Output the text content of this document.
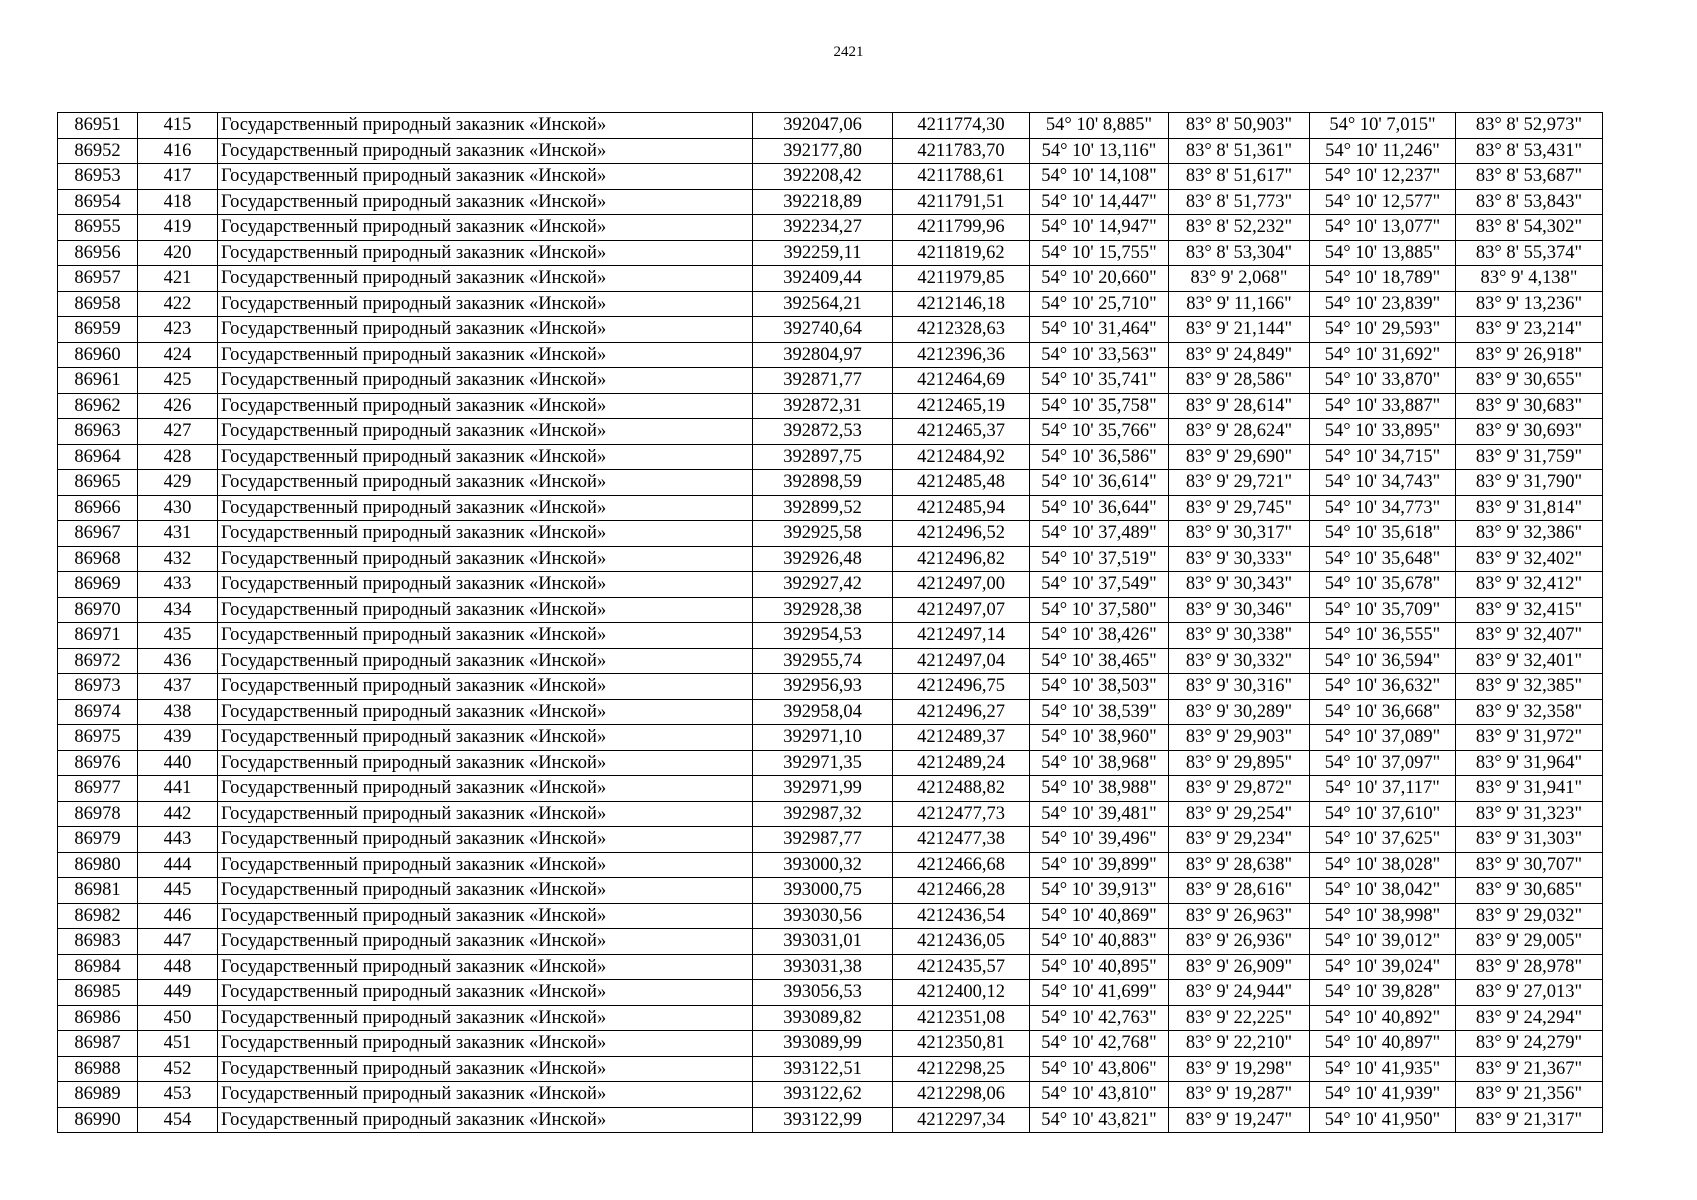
2421
86951	415	Государственный природный заказник «Инской»	392047,06	4211774,30	54° 10' 8,885"	83° 8' 50,903"	54° 10' 7,015"	83° 8' 52,973"
86952	416	Государственный природный заказник «Инской»	392177,80	4211783,70	54° 10' 13,116"	83° 8' 51,361"	54° 10' 11,246"	83° 8' 53,431"
86953	417	Государственный природный заказник «Инской»	392208,42	4211788,61	54° 10' 14,108"	83° 8' 51,617"	54° 10' 12,237"	83° 8' 53,687"
86954	418	Государственный природный заказник «Инской»	392218,89	4211791,51	54° 10' 14,447"	83° 8' 51,773"	54° 10' 12,577"	83° 8' 53,843"
86955	419	Государственный природный заказник «Инской»	392234,27	4211799,96	54° 10' 14,947"	83° 8' 52,232"	54° 10' 13,077"	83° 8' 54,302"
86956	420	Государственный природный заказник «Инской»	392259,11	4211819,62	54° 10' 15,755"	83° 8' 53,304"	54° 10' 13,885"	83° 8' 55,374"
86957	421	Государственный природный заказник «Инской»	392409,44	4211979,85	54° 10' 20,660"	83° 9' 2,068"	54° 10' 18,789"	83° 9' 4,138"
86958	422	Государственный природный заказник «Инской»	392564,21	4212146,18	54° 10' 25,710"	83° 9' 11,166"	54° 10' 23,839"	83° 9' 13,236"
86959	423	Государственный природный заказник «Инской»	392740,64	4212328,63	54° 10' 31,464"	83° 9' 21,144"	54° 10' 29,593"	83° 9' 23,214"
86960	424	Государственный природный заказник «Инской»	392804,97	4212396,36	54° 10' 33,563"	83° 9' 24,849"	54° 10' 31,692"	83° 9' 26,918"
86961	425	Государственный природный заказник «Инской»	392871,77	4212464,69	54° 10' 35,741"	83° 9' 28,586"	54° 10' 33,870"	83° 9' 30,655"
86962	426	Государственный природный заказник «Инской»	392872,31	4212465,19	54° 10' 35,758"	83° 9' 28,614"	54° 10' 33,887"	83° 9' 30,683"
86963	427	Государственный природный заказник «Инской»	392872,53	4212465,37	54° 10' 35,766"	83° 9' 28,624"	54° 10' 33,895"	83° 9' 30,693"
86964	428	Государственный природный заказник «Инской»	392897,75	4212484,92	54° 10' 36,586"	83° 9' 29,690"	54° 10' 34,715"	83° 9' 31,759"
86965	429	Государственный природный заказник «Инской»	392898,59	4212485,48	54° 10' 36,614"	83° 9' 29,721"	54° 10' 34,743"	83° 9' 31,790"
86966	430	Государственный природный заказник «Инской»	392899,52	4212485,94	54° 10' 36,644"	83° 9' 29,745"	54° 10' 34,773"	83° 9' 31,814"
86967	431	Государственный природный заказник «Инской»	392925,58	4212496,52	54° 10' 37,489"	83° 9' 30,317"	54° 10' 35,618"	83° 9' 32,386"
86968	432	Государственный природный заказник «Инской»	392926,48	4212496,82	54° 10' 37,519"	83° 9' 30,333"	54° 10' 35,648"	83° 9' 32,402"
86969	433	Государственный природный заказник «Инской»	392927,42	4212497,00	54° 10' 37,549"	83° 9' 30,343"	54° 10' 35,678"	83° 9' 32,412"
86970	434	Государственный природный заказник «Инской»	392928,38	4212497,07	54° 10' 37,580"	83° 9' 30,346"	54° 10' 35,709"	83° 9' 32,415"
86971	435	Государственный природный заказник «Инской»	392954,53	4212497,14	54° 10' 38,426"	83° 9' 30,338"	54° 10' 36,555"	83° 9' 32,407"
86972	436	Государственный природный заказник «Инской»	392955,74	4212497,04	54° 10' 38,465"	83° 9' 30,332"	54° 10' 36,594"	83° 9' 32,401"
86973	437	Государственный природный заказник «Инской»	392956,93	4212496,75	54° 10' 38,503"	83° 9' 30,316"	54° 10' 36,632"	83° 9' 32,385"
86974	438	Государственный природный заказник «Инской»	392958,04	4212496,27	54° 10' 38,539"	83° 9' 30,289"	54° 10' 36,668"	83° 9' 32,358"
86975	439	Государственный природный заказник «Инской»	392971,10	4212489,37	54° 10' 38,960"	83° 9' 29,903"	54° 10' 37,089"	83° 9' 31,972"
86976	440	Государственный природный заказник «Инской»	392971,35	4212489,24	54° 10' 38,968"	83° 9' 29,895"	54° 10' 37,097"	83° 9' 31,964"
86977	441	Государственный природный заказник «Инской»	392971,99	4212488,82	54° 10' 38,988"	83° 9' 29,872"	54° 10' 37,117"	83° 9' 31,941"
86978	442	Государственный природный заказник «Инской»	392987,32	4212477,73	54° 10' 39,481"	83° 9' 29,254"	54° 10' 37,610"	83° 9' 31,323"
86979	443	Государственный природный заказник «Инской»	392987,77	4212477,38	54° 10' 39,496"	83° 9' 29,234"	54° 10' 37,625"	83° 9' 31,303"
86980	444	Государственный природный заказник «Инской»	393000,32	4212466,68	54° 10' 39,899"	83° 9' 28,638"	54° 10' 38,028"	83° 9' 30,707"
86981	445	Государственный природный заказник «Инской»	393000,75	4212466,28	54° 10' 39,913"	83° 9' 28,616"	54° 10' 38,042"	83° 9' 30,685"
86982	446	Государственный природный заказник «Инской»	393030,56	4212436,54	54° 10' 40,869"	83° 9' 26,963"	54° 10' 38,998"	83° 9' 29,032"
86983	447	Государственный природный заказник «Инской»	393031,01	4212436,05	54° 10' 40,883"	83° 9' 26,936"	54° 10' 39,012"	83° 9' 29,005"
86984	448	Государственный природный заказник «Инской»	393031,38	4212435,57	54° 10' 40,895"	83° 9' 26,909"	54° 10' 39,024"	83° 9' 28,978"
86985	449	Государственный природный заказник «Инской»	393056,53	4212400,12	54° 10' 41,699"	83° 9' 24,944"	54° 10' 39,828"	83° 9' 27,013"
86986	450	Государственный природный заказник «Инской»	393089,82	4212351,08	54° 10' 42,763"	83° 9' 22,225"	54° 10' 40,892"	83° 9' 24,294"
86987	451	Государственный природный заказник «Инской»	393089,99	4212350,81	54° 10' 42,768"	83° 9' 22,210"	54° 10' 40,897"	83° 9' 24,279"
86988	452	Государственный природный заказник «Инской»	393122,51	4212298,25	54° 10' 43,806"	83° 9' 19,298"	54° 10' 41,935"	83° 9' 21,367"
86989	453	Государственный природный заказник «Инской»	393122,62	4212298,06	54° 10' 43,810"	83° 9' 19,287"	54° 10' 41,939"	83° 9' 21,356"
86990	454	Государственный природный заказник «Инской»	393122,99	4212297,34	54° 10' 43,821"	83° 9' 19,247"	54° 10' 41,950"	83° 9' 21,317"
